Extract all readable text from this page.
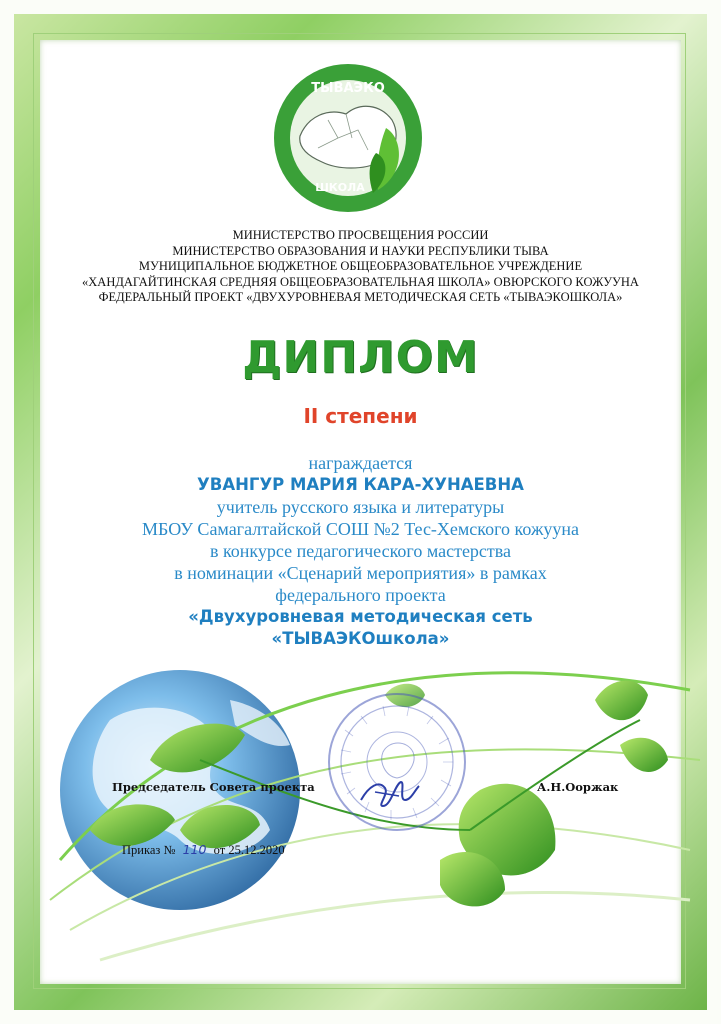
ТЫВАЭКО
ШКОЛА
МИНИСТЕРСТВО ПРОСВЕЩЕНИЯ РОССИИ
МИНИСТЕРСТВО ОБРАЗОВАНИЯ И НАУКИ РЕСПУБЛИКИ ТЫВА
МУНИЦИПАЛЬНОЕ БЮДЖЕТНОЕ ОБЩЕОБРАЗОВАТЕЛЬНОЕ УЧРЕЖДЕНИЕ
«ХАНДАГАЙТИНСКАЯ СРЕДНЯЯ ОБЩЕОБРАЗОВАТЕЛЬНАЯ ШКОЛА» ОВЮРСКОГО КОЖУУНА
ФЕДЕРАЛЬНЫЙ ПРОЕКТ «ДВУХУРОВНЕВАЯ МЕТОДИЧЕСКАЯ СЕТЬ «ТЫВАЭКОШКОЛА»
ДИПЛОМ
II степени
награждается
УВАНГУР МАРИЯ КАРА-ХУНАЕВНА
учитель русского языка и литературы
МБОУ Самагалтайской СОШ №2 Тес-Хемского кожууна
в конкурсе педагогического мастерства
в номинации «Сценарий мероприятия» в рамках
федерального проекта
«Двухуровневая методическая сеть
«ТЫВАЭКОшкола»
Председатель Совета проекта	А.Н.Ооржак
Приказ № 110 от 25.12.2020
